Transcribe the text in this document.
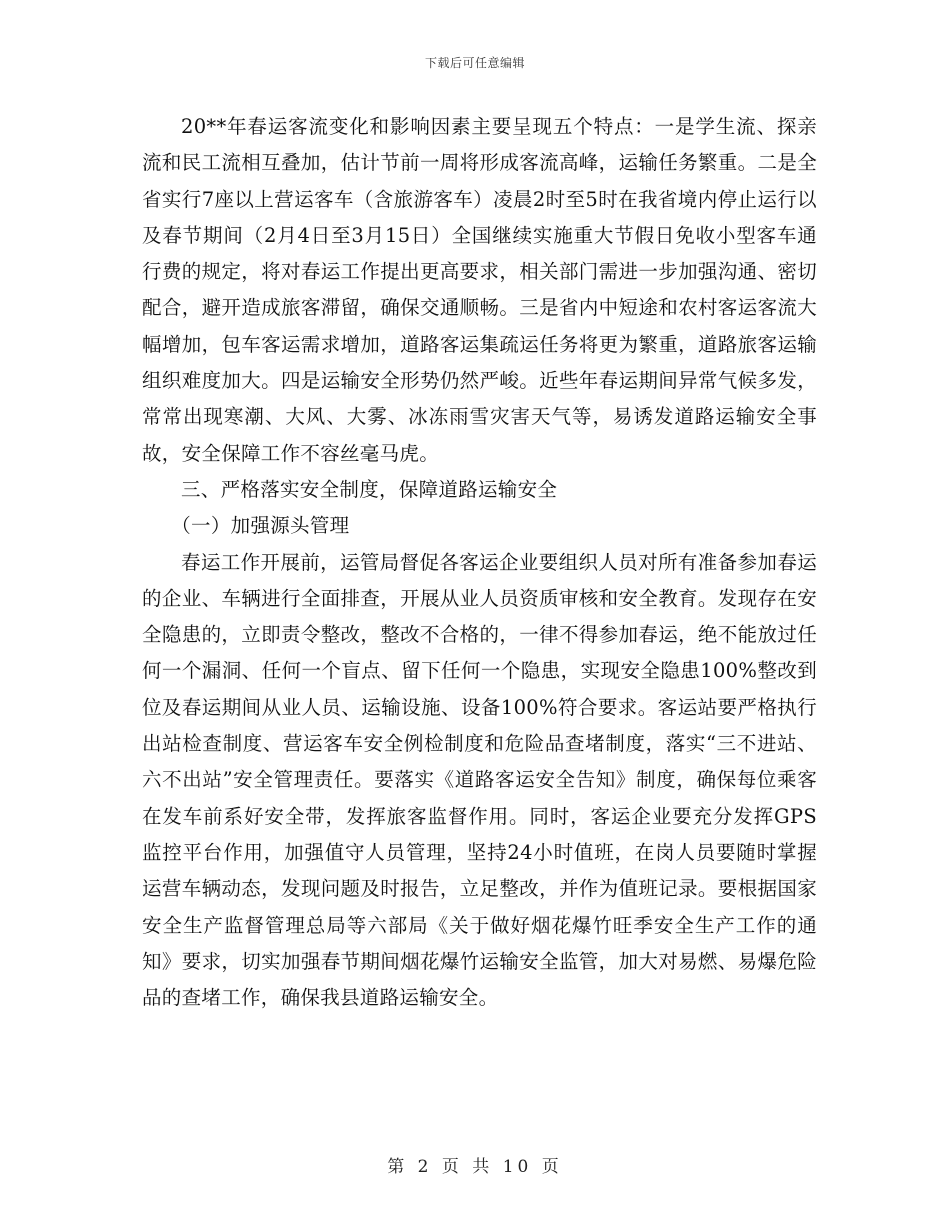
下载后可任意编辑

20**年春运客流变化和影响因素主要呈现五个特点：一是学生流、探亲流和民工流相互叠加，估计节前一周将形成客流高峰，运输任务繁重。二是全省实行7座以上营运客车（含旅游客车）凌晨2时至5时在我省境内停止运行以及春节期间（2月4日至3月15日）全国继续实施重大节假日免收小型客车通行费的规定，将对春运工作提出更高要求，相关部门需进一步加强沟通、密切配合，避开造成旅客滞留，确保交通顺畅。三是省内中短途和农村客运客流大幅增加，包车客运需求增加，道路客运集疏运任务将更为繁重，道路旅客运输组织难度加大。四是运输安全形势仍然严峻。近些年春运期间异常气候多发，常常出现寒潮、大风、大雾、冰冻雨雪灾害天气等，易诱发道路运输安全事故，安全保障工作不容丝毫马虎。

三、严格落实安全制度，保障道路运输安全

（一）加强源头管理

春运工作开展前，运管局督促各客运企业要组织人员对所有准备参加春运的企业、车辆进行全面排查，开展从业人员资质审核和安全教育。发现存在安全隐患的，立即责令整改，整改不合格的，一律不得参加春运，绝不能放过任何一个漏洞、任何一个盲点、留下任何一个隐患，实现安全隐患100%整改到位及春运期间从业人员、运输设施、设备100%符合要求。客运站要严格执行出站检查制度、营运客车安全例检制度和危险品查堵制度，落实“三不进站、六不出站”安全管理责任。要落实《道路客运安全告知》制度，确保每位乘客在发车前系好安全带，发挥旅客监督作用。同时，客运企业要充分发挥GPS监控平台作用，加强值守人员管理，坚持24小时值班，在岗人员要随时掌握运营车辆动态，发现问题及时报告，立足整改，并作为值班记录。要根据国家安全生产监督管理总局等六部局《关于做好烟花爆竹旺季安全生产工作的通知》要求，切实加强春节期间烟花爆竹运输安全监管，加大对易燃、易爆危险品的查堵工作，确保我县道路运输安全。

第 2 页 共 10 页
